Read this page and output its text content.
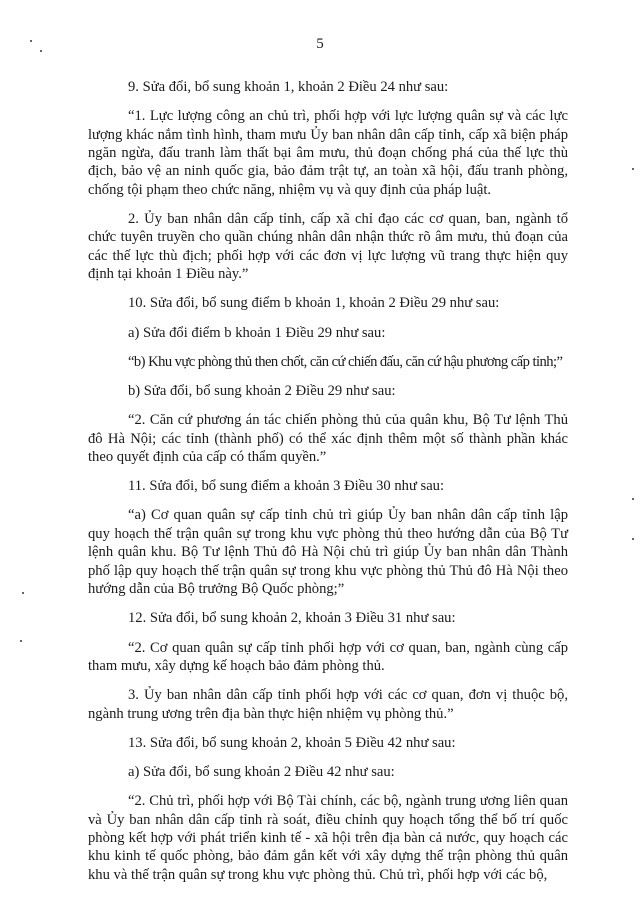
5

9. Sửa đổi, bổ sung khoản 1, khoản 2 Điều 24 như sau:

“1. Lực lượng công an chủ trì, phối hợp với lực lượng quân sự và các lực lượng khác nắm tình hình, tham mưu Ủy ban nhân dân cấp tỉnh, cấp xã biện pháp ngăn ngừa, đấu tranh làm thất bại âm mưu, thủ đoạn chống phá của thế lực thù địch, bảo vệ an ninh quốc gia, bảo đảm trật tự, an toàn xã hội, đấu tranh phòng, chống tội phạm theo chức năng, nhiệm vụ và quy định của pháp luật.

2. Ủy ban nhân dân cấp tỉnh, cấp xã chỉ đạo các cơ quan, ban, ngành tổ chức tuyên truyền cho quần chúng nhân dân nhận thức rõ âm mưu, thủ đoạn của các thế lực thù địch; phối hợp với các đơn vị lực lượng vũ trang thực hiện quy định tại khoản 1 Điều này.”

10. Sửa đổi, bổ sung điểm b khoản 1, khoản 2 Điều 29 như sau:

a) Sửa đổi điểm b khoản 1 Điều 29 như sau:

“b) Khu vực phòng thủ then chốt, căn cứ chiến đấu, căn cứ hậu phương cấp tỉnh;”

b) Sửa đổi, bổ sung khoản 2 Điều 29 như sau:

“2. Căn cứ phương án tác chiến phòng thủ của quân khu, Bộ Tư lệnh Thủ đô Hà Nội; các tỉnh (thành phố) có thể xác định thêm một số thành phần khác theo quyết định của cấp có thẩm quyền.”

11. Sửa đổi, bổ sung điểm a khoản 3 Điều 30 như sau:

“a) Cơ quan quân sự cấp tỉnh chủ trì giúp Ủy ban nhân dân cấp tỉnh lập quy hoạch thế trận quân sự trong khu vực phòng thủ theo hướng dẫn của Bộ Tư lệnh quân khu. Bộ Tư lệnh Thủ đô Hà Nội chủ trì giúp Ủy ban nhân dân Thành phố lập quy hoạch thế trận quân sự trong khu vực phòng thủ Thủ đô Hà Nội theo hướng dẫn của Bộ trưởng Bộ Quốc phòng;”

12. Sửa đổi, bổ sung khoản 2, khoản 3 Điều 31 như sau:

“2. Cơ quan quân sự cấp tỉnh phối hợp với cơ quan, ban, ngành cùng cấp tham mưu, xây dựng kế hoạch bảo đảm phòng thủ.

3. Ủy ban nhân dân cấp tỉnh phối hợp với các cơ quan, đơn vị thuộc bộ, ngành trung ương trên địa bàn thực hiện nhiệm vụ phòng thủ.”

13. Sửa đổi, bổ sung khoản 2, khoản 5 Điều 42 như sau:

a) Sửa đổi, bổ sung khoản 2 Điều 42 như sau:

“2. Chủ trì, phối hợp với Bộ Tài chính, các bộ, ngành trung ương liên quan và Ủy ban nhân dân cấp tỉnh rà soát, điều chỉnh quy hoạch tổng thể bố trí quốc phòng kết hợp với phát triển kinh tế - xã hội trên địa bàn cả nước, quy hoạch các khu kinh tế quốc phòng, bảo đảm gắn kết với xây dựng thế trận phòng thủ quân khu và thế trận quân sự trong khu vực phòng thủ. Chủ trì, phối hợp với các bộ,
